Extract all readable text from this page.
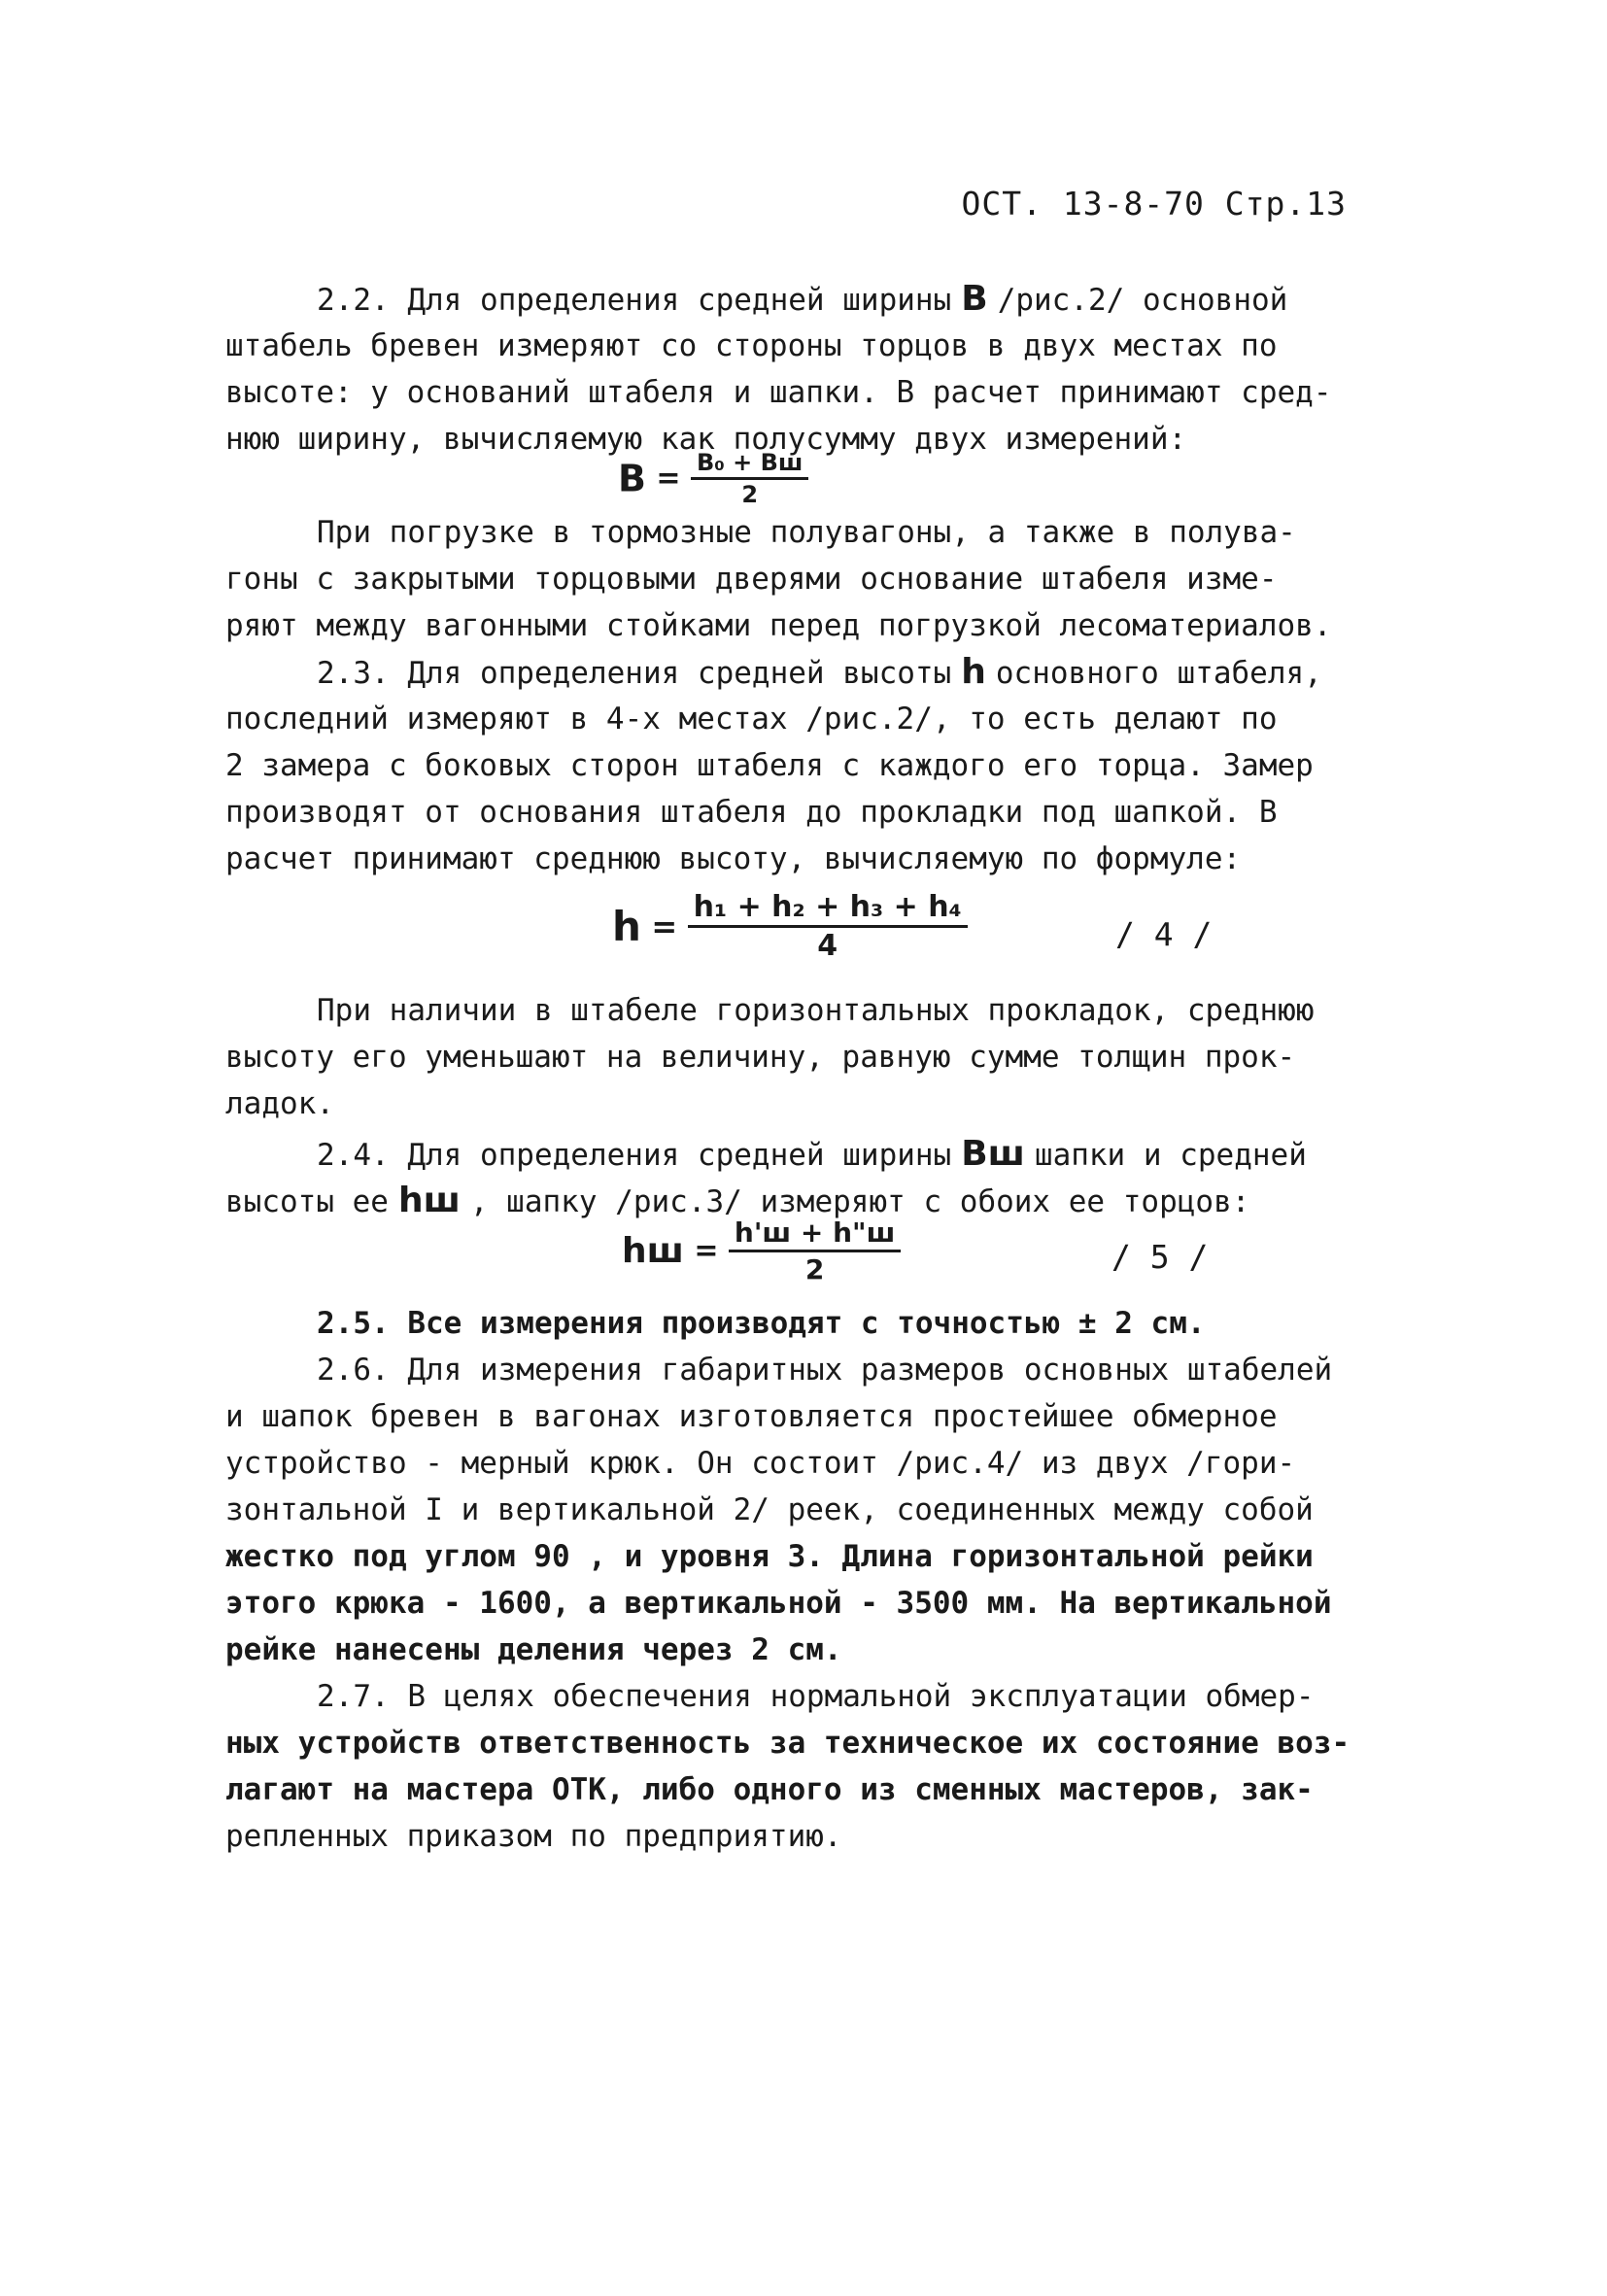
ОСТ. 13-8-70 Стр.13
2.2. Для определения средней ширины В /рис.2/ основной
штабель бревен измеряют со стороны торцов в двух местах по
высоте: у оснований штабеля и шапки. В расчет принимают сред-
нюю ширину, вычисляемую как полусумму двух измерений:
$В = \frac{\text{В₀ + Вш}}{2}$
При погрузке в тормозные полувагоны, а также в полува-
гоны с закрытыми торцовыми дверями основание штабеля изме-
ряют между вагонными стойками перед погрузкой лесоматериалов.
2.3. Для определения средней высоты h основного штабеля,
последний измеряют в 4-х местах /рис.2/, то есть делают по
2 замера с боковых сторон штабеля с каждого его торца. Замер
производят от основания штабеля до прокладки под шапкой. В
расчет принимают среднюю высоту, вычисляемую по формуле:
$h = \frac{\text{h₁ + h₂ + h₃ + h₄}}{4}$	/ 4 /
При наличии в штабеле горизонтальных прокладок, среднюю
высоту его уменьшают на величину, равную сумме толщин прок-
ладок.
2.4. Для определения средней ширины Вш шапки и средней
высоты ее hш , шапку /рис.3/ измеряют с обоих ее торцов:
hш = $\frac{h'ш + h"ш}{2}$	/ 5 /
2.5. Все измерения производят с точностью ± 2 см.
2.6. Для измерения габаритных размеров основных штабелей
и шапок бревен в вагонах изготовляется простейшее обмерное
устройство - мерный крюк. Он состоит /рис.4/ из двух /гори-
зонтальной I и вертикальной 2/ реек, соединенных между собой
жестко под углом 90 , и уровня 3. Длина горизонтальной рейки
этого крюка - 1600, а вертикальной - 3500 мм. На вертикальной
рейке нанесены деления через 2 см.
2.7. В целях обеспечения нормальной эксплуатации обмер-
ных устройств ответственность за техническое их состояние воз-
лагают на мастера ОТК, либо одного из сменных мастеров, зак-
репленных приказом по предприятию.
